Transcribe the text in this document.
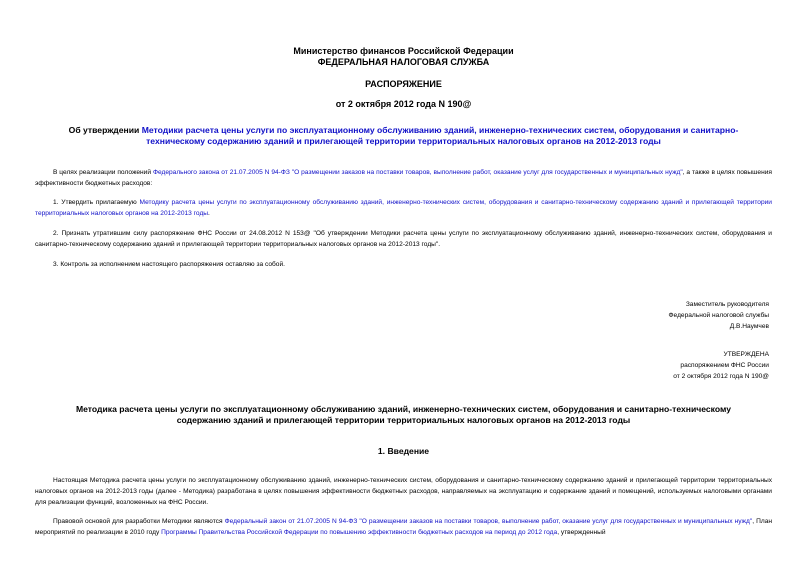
Министерство финансов Российской Федерации
ФЕДЕРАЛЬНАЯ НАЛОГОВАЯ СЛУЖБА
РАСПОРЯЖЕНИЕ
от 2 октября 2012 года N 190@
Об утверждении Методики расчета цены услуги по эксплуатационному обслуживанию зданий, инженерно-технических систем, оборудования и санитарно-техническому содержанию зданий и прилегающей территории территориальных налоговых органов на 2012-2013 годы
В целях реализации положений Федерального закона от 21.07.2005 N 94-ФЗ "О размещении заказов на поставки товаров, выполнение работ, оказание услуг для государственных и муниципальных нужд", а также в целях повышения эффективности бюджетных расходов:
1. Утвердить прилагаемую Методику расчета цены услуги по эксплуатационному обслуживанию зданий, инженерно-технических систем, оборудования и санитарно-техническому содержанию зданий и прилегающей территории территориальных налоговых органов на 2012-2013 годы.
2. Признать утратившим силу распоряжение ФНС России от 24.08.2012 N 153@ "Об утверждении Методики расчета цены услуги по эксплуатационному обслуживанию зданий, инженерно-технических систем, оборудования и санитарно-техническому содержанию зданий и прилегающей территории территориальных налоговых органов на 2012-2013 годы".
3. Контроль за исполнением настоящего распоряжения оставляю за собой.
Заместитель руководителя
Федеральной налоговой службы
Д.В.Наумчев
УТВЕРЖДЕНА
распоряжением ФНС России
от 2 октября 2012 года N 190@
Методика расчета цены услуги по эксплуатационному обслуживанию зданий, инженерно-технических систем, оборудования и санитарно-техническому содержанию зданий и прилегающей территории территориальных налоговых органов на 2012-2013 годы
1. Введение
Настоящая Методика расчета цены услуги по эксплуатационному обслуживанию зданий, инженерно-технических систем, оборудования и санитарно-техническому содержанию зданий и прилегающей территории территориальных налоговых органов на 2012-2013 годы (далее - Методика) разработана в целях повышения эффективности бюджетных расходов, направляемых на эксплуатацию и содержание зданий и помещений, используемых налоговыми органами для реализации функций, возложенных на ФНС России.
Правовой основой для разработки Методики являются Федеральный закон от 21.07.2005 N 94-ФЗ "О размещении заказов на поставки товаров, выполнение работ, оказание услуг для государственных и муниципальных нужд", План мероприятий по реализации в 2010 году Программы Правительства Российской Федерации по повышению эффективности бюджетных расходов на период до 2012 года, утвержденный
